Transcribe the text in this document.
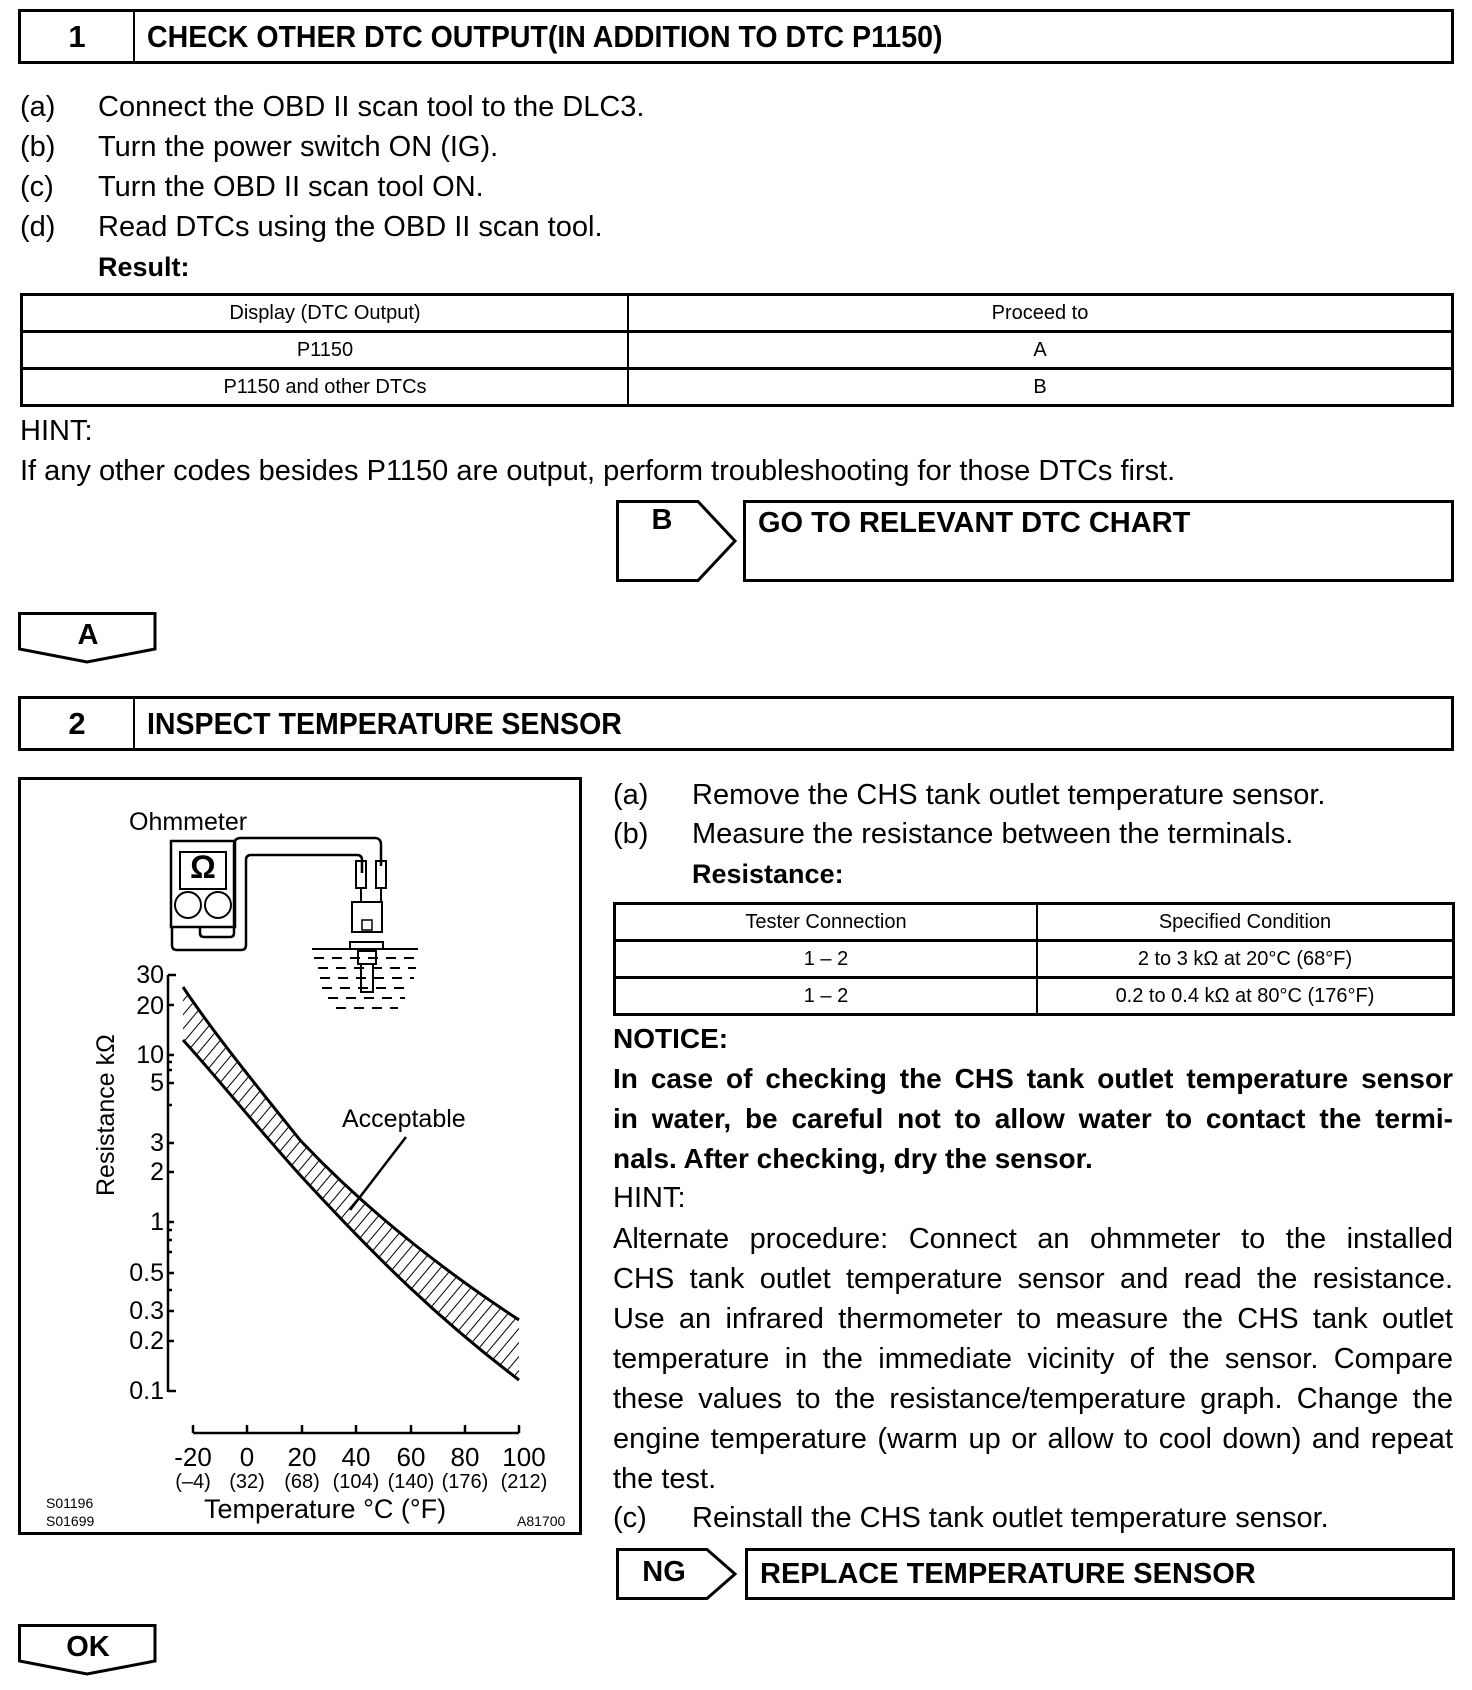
1	CHECK OTHER DTC OUTPUT(IN ADDITION TO DTC P1150)
(a) Connect the OBD II scan tool to the DLC3.
(b) Turn the power switch ON (IG).
(c) Turn the OBD II scan tool ON.
(d) Read DTCs using the OBD II scan tool.
Result:
Display (DTC Output)	Proceed to
P1150	A
P1150 and other DTCs	B
HINT:
If any other codes besides P1150 are output, perform troubleshooting for those DTCs first.
B	GO TO RELEVANT DTC CHART
A
2	INSPECT TEMPERATURE SENSOR
Ohmmeter
Ω
Acceptable
30
20
10
5
3
2
1
0.5
0.3
0.2
0.1
Resistance kΩ
-20	0	20 40	60 80 100
(–4) (32) (68) (104) (140) (176) (212)
Temperature °C (°F)
S01196
S01699	A81700
(a) Remove the CHS tank outlet temperature sensor.
(b) Measure the resistance between the terminals.
Resistance:
Tester Connection	Specified Condition
1 – 2	2 to 3 kΩ at 20°C (68°F)
1 – 2	0.2 to 0.4 kΩ at 80°C (176°F)
NOTICE:
In case of checking the CHS tank outlet temperature sensor
in water, be careful not to allow water to contact the termi-
nals. After checking, dry the sensor.
HINT:
Alternate procedure: Connect an ohmmeter to the installed
CHS tank outlet temperature sensor and read the resistance.
Use an infrared thermometer to measure the CHS tank outlet
temperature in the immediate vicinity of the sensor. Compare
these values to the resistance/temperature graph. Change the
engine temperature (warm up or allow to cool down) and repeat
the test.
(c) Reinstall the CHS tank outlet temperature sensor.
NG	REPLACE TEMPERATURE SENSOR
OK
